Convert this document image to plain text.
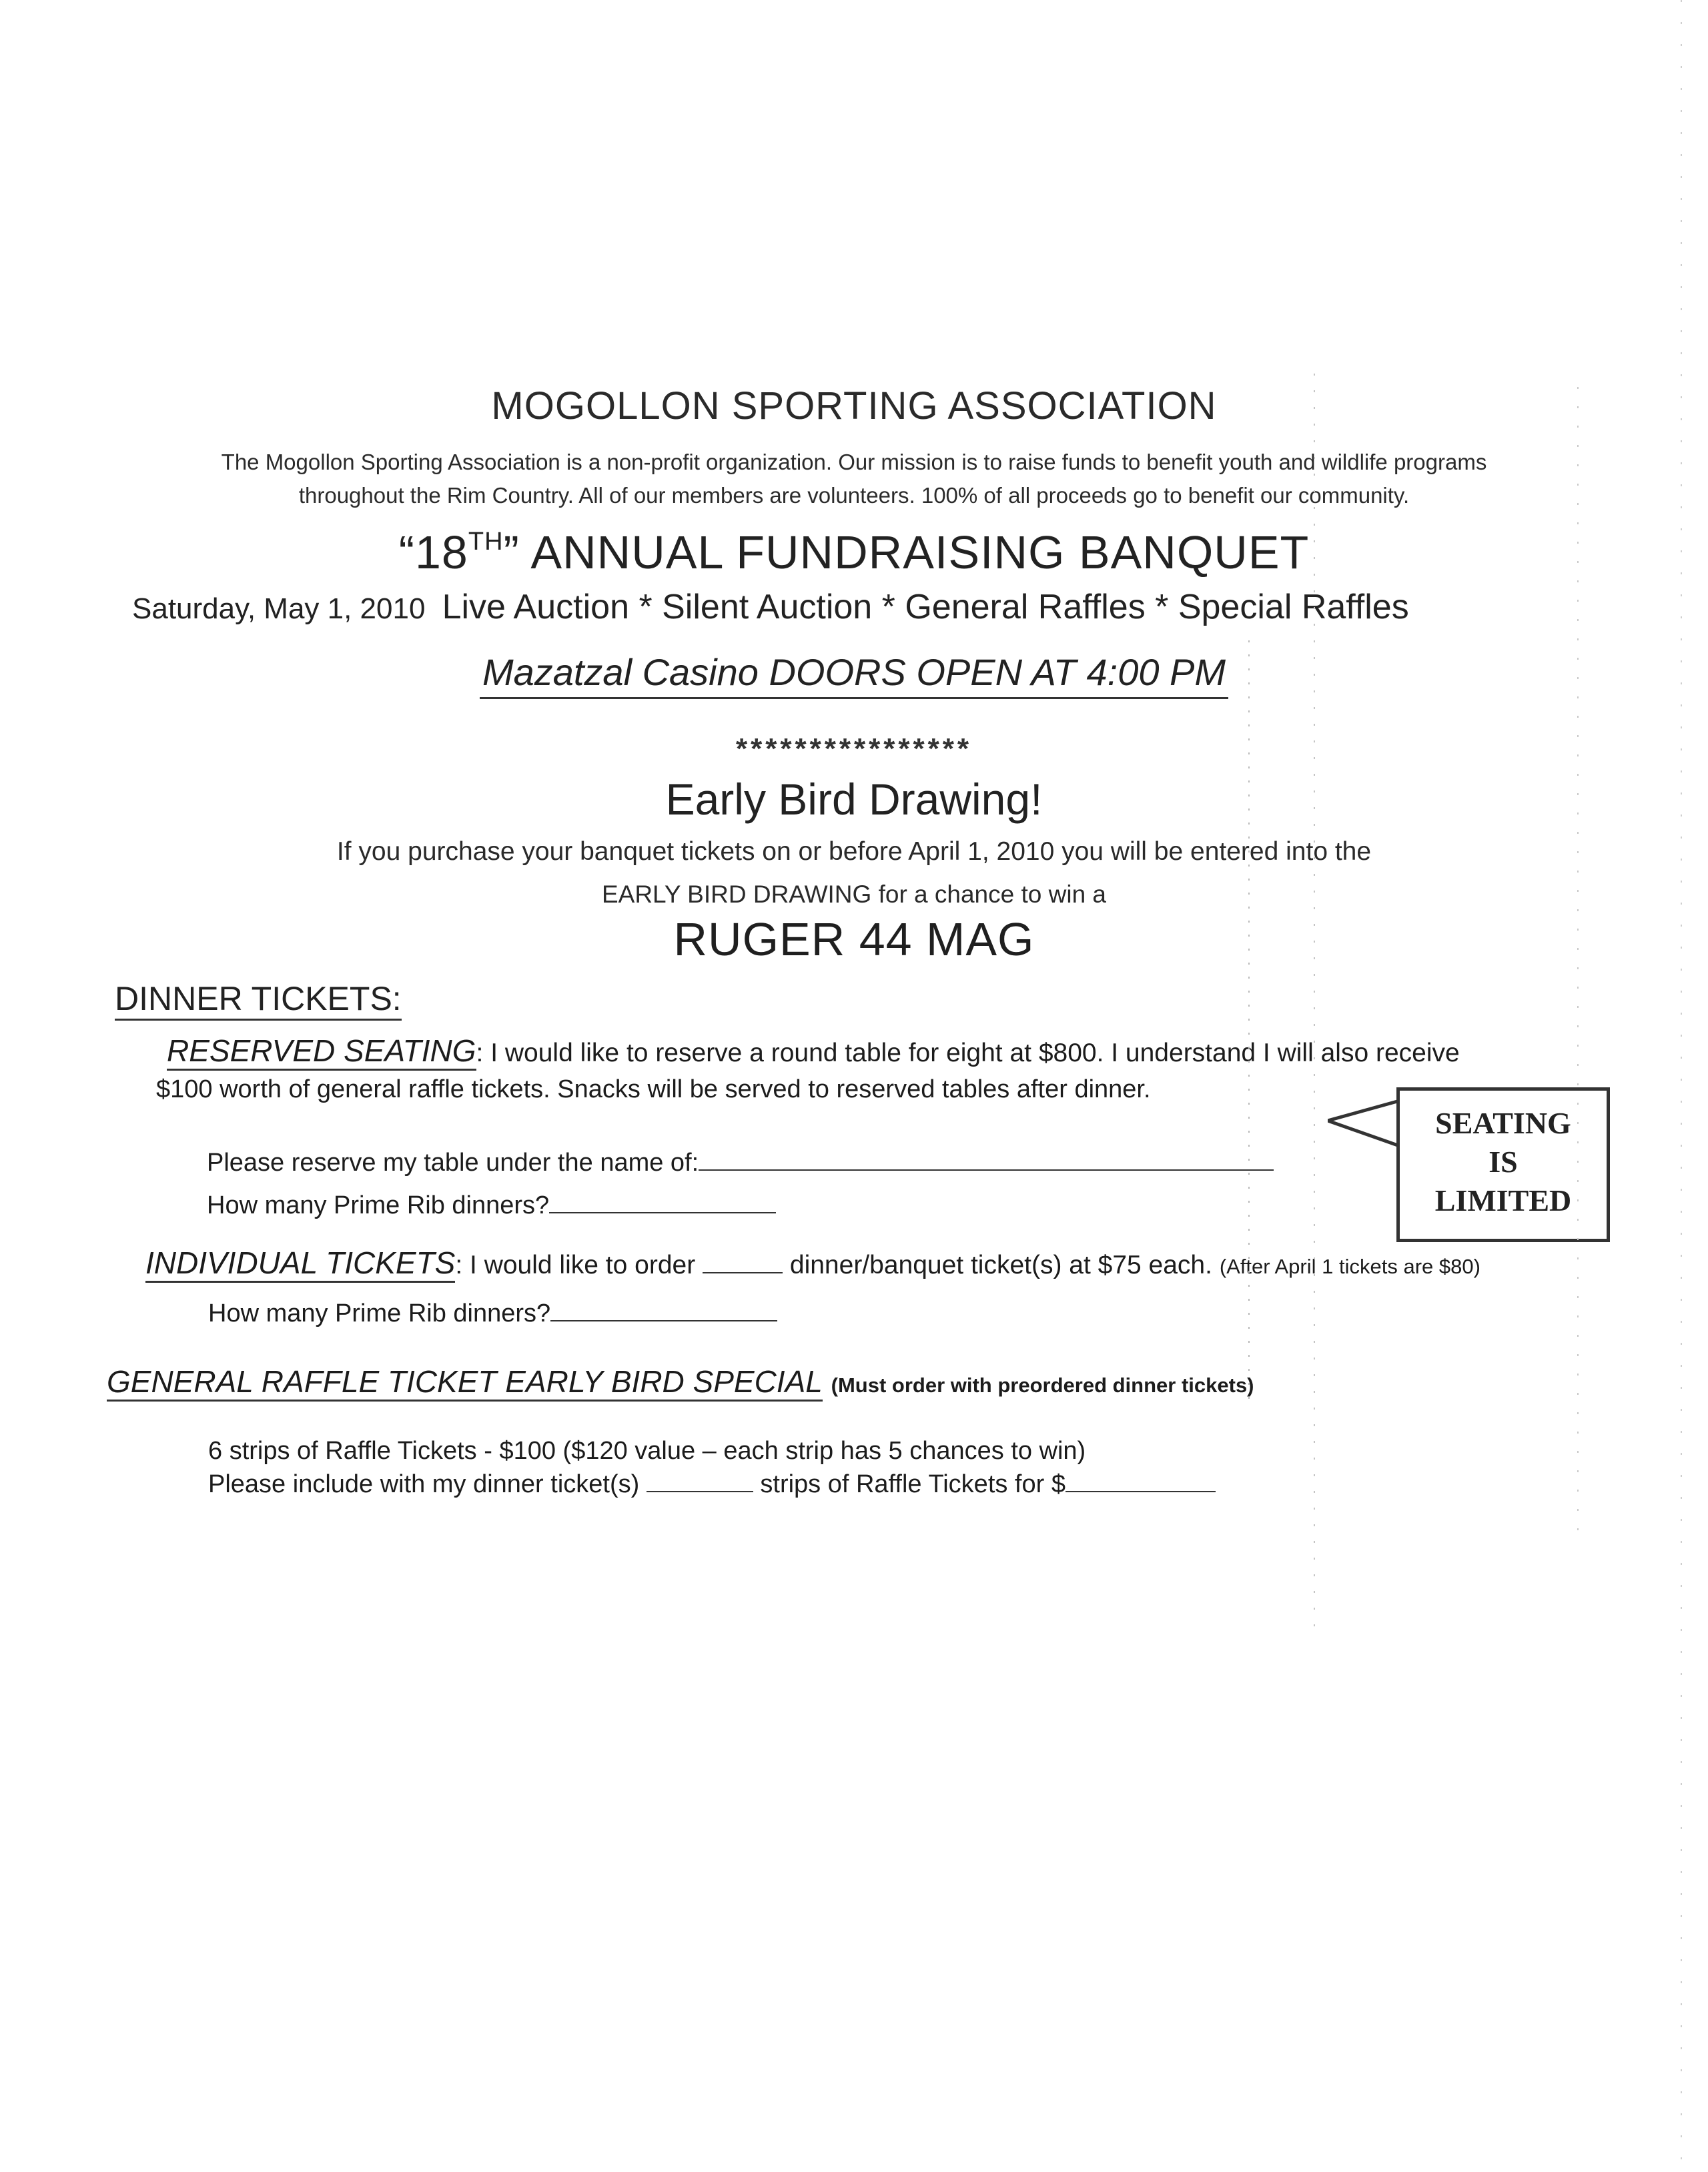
MOGOLLON SPORTING ASSOCIATION
The Mogollon Sporting Association is a non-profit organization. Our mission is to raise funds to benefit youth and wildlife programs
throughout the Rim Country. All of our members are volunteers. 100% of all proceeds go to benefit our community.
“18TH” ANNUAL FUNDRAISING BANQUET
Saturday, May 1, 2010 Live Auction * Silent Auction * General Raffles * Special Raffles
Mazatzal Casino DOORS OPEN AT 4:00 PM
****************
Early Bird Drawing!
If you purchase your banquet tickets on or before April 1, 2010 you will be entered into the
EARLY BIRD DRAWING for a chance to win a
RUGER 44 MAG
DINNER TICKETS:
RESERVED SEATING: I would like to reserve a round table for eight at $800. I understand I will also receive
$100 worth of general raffle tickets. Snacks will be served to reserved tables after dinner.
Please reserve my table under the name of:
How many Prime Rib dinners?
SEATING
IS
LIMITED
INDIVIDUAL TICKETS: I would like to order	dinner/banquet ticket(s) at $75 each. (After April 1 tickets are $80)
How many Prime Rib dinners?
GENERAL RAFFLE TICKET EARLY BIRD SPECIAL (Must order with preordered dinner tickets)
6 strips of Raffle Tickets - $100 ($120 value – each strip has 5 chances to win)
Please include with my dinner ticket(s)	strips of Raffle Tickets for $
